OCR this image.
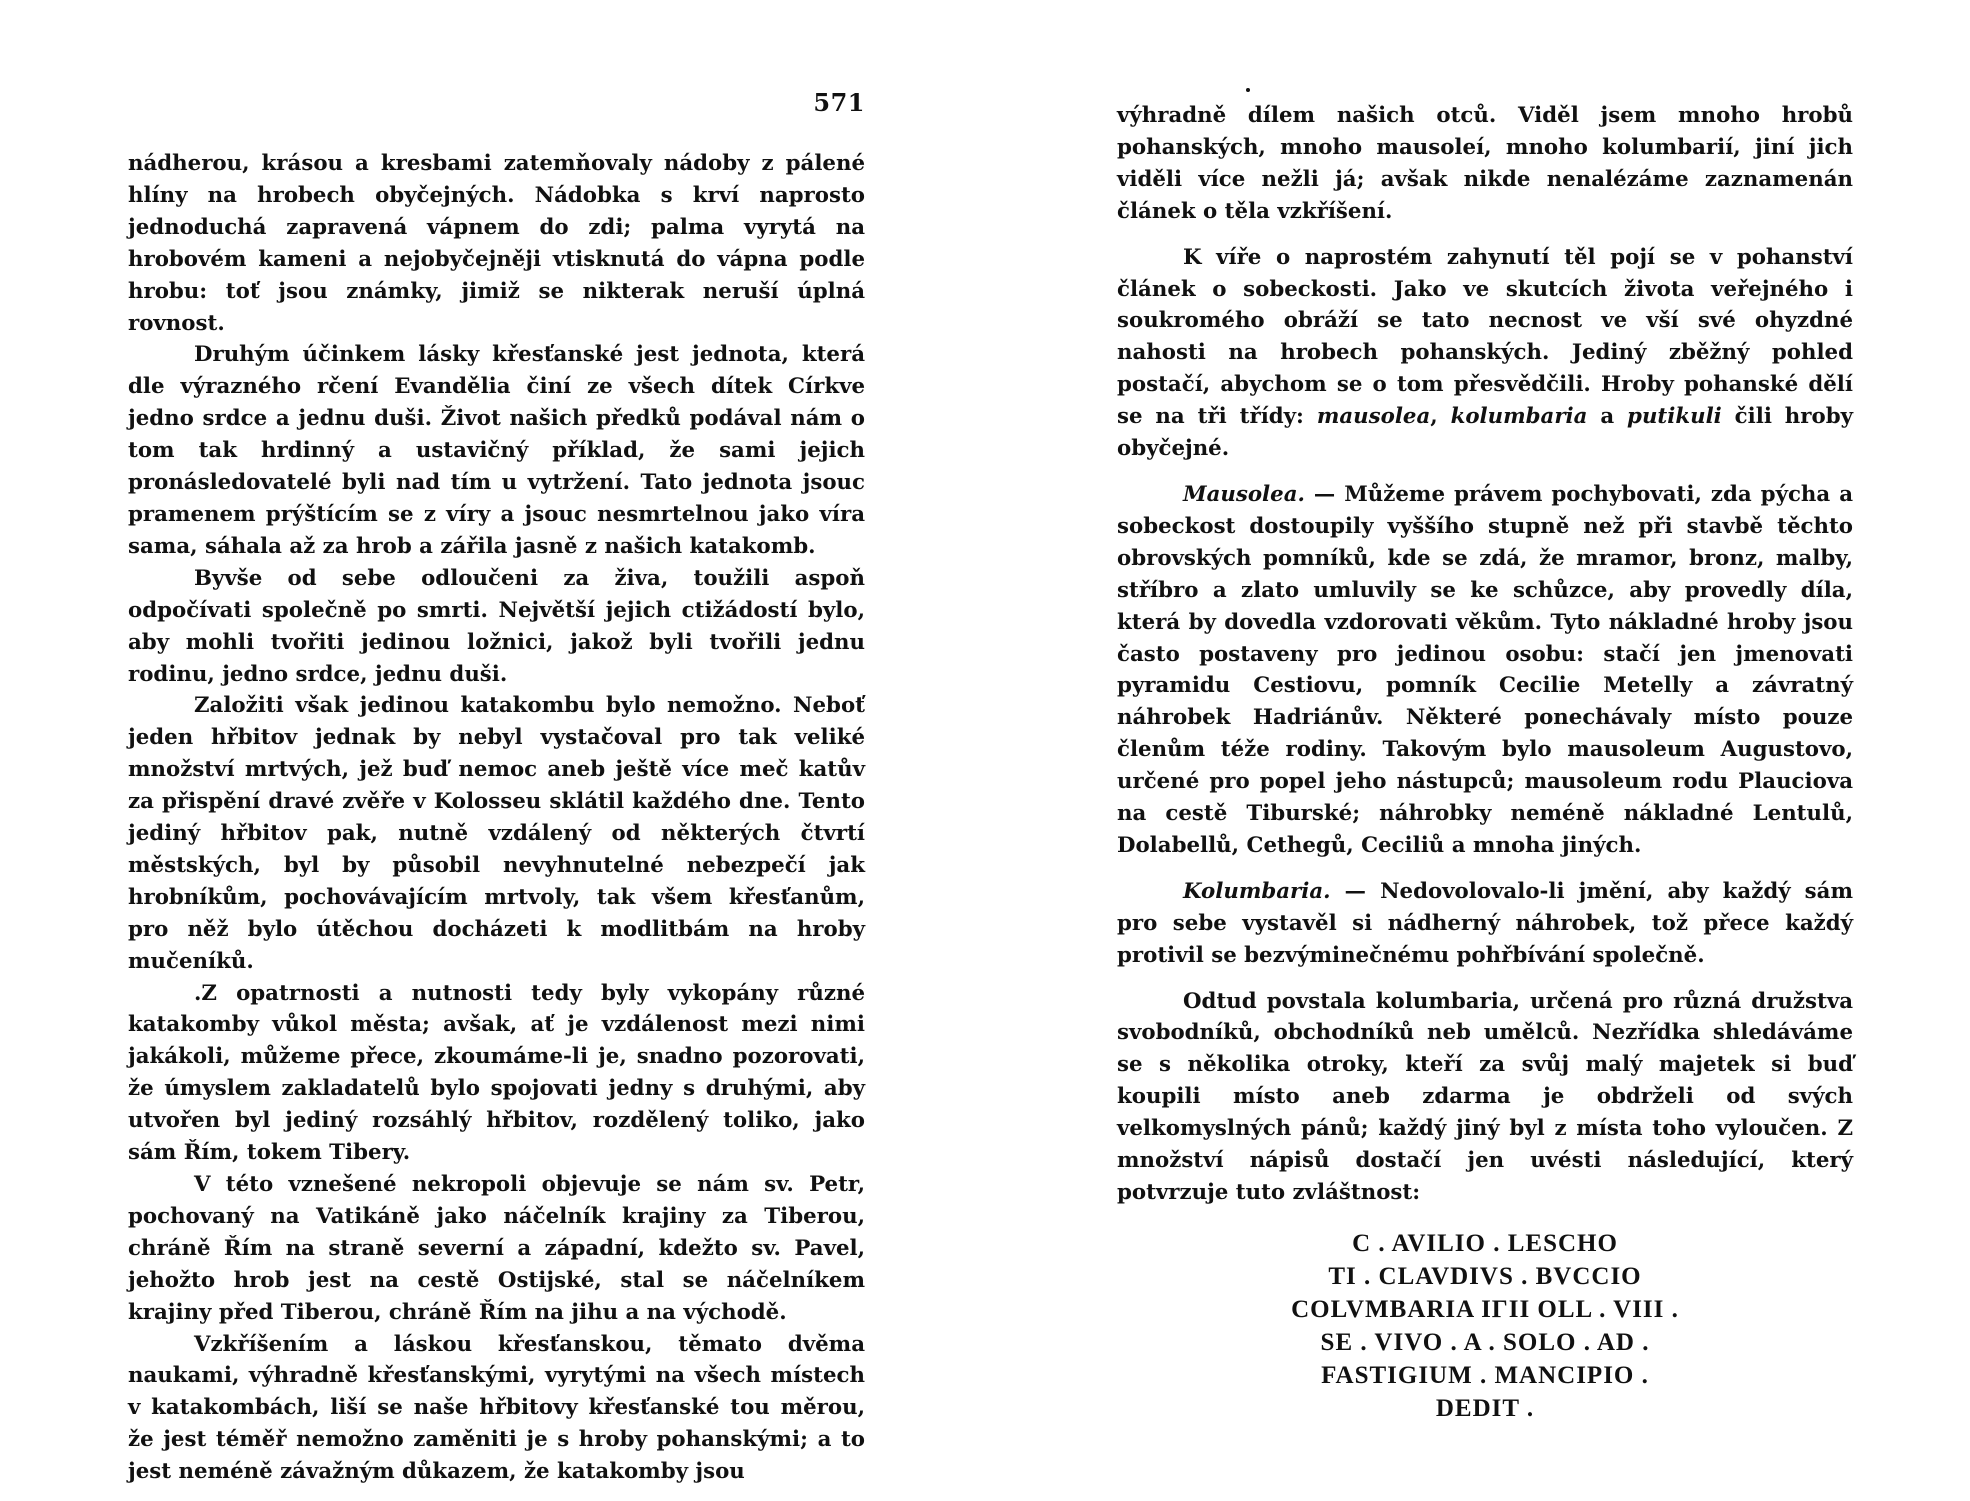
571

nádherou, krásou a kresbami zatemňovaly nádoby z pálené hlíny na hrobech obyčejných. Nádobka s krví naprosto jednoduchá zapravená vápnem do zdi; palma vyrytá na hrobovém kameni a nejobyčejněji vtisknutá do vápna podle hrobu: toť jsou známky, jimiž se nikterak neruší úplná rovnost.

Druhým účinkem lásky křesťanské jest jednota, která dle výrazného rčení Evandělia činí ze všech dítek Církve jedno srdce a jednu duši. Život našich předků podával nám o tom tak hrdinný a ustavičný příklad, že sami jejich pronásledovatelé byli nad tím u vytržení. Tato jednota jsouc pramenem prýštícím se z víry a jsouc nesmrtelnou jako víra sama, sáhala až za hrob a zářila jasně z našich katakomb.

Byvše od sebe odloučeni za živa, toužili aspoň odpočívati společně po smrti. Největší jejich ctižádostí bylo, aby mohli tvořiti jedinou ložnici, jakož byli tvořili jednu rodinu, jedno srdce, jednu duši.

Založiti však jedinou katakombu bylo nemožno. Neboť jeden hřbitov jednak by nebyl vystačoval pro tak veliké množství mrtvých, jež buď nemoc aneb ještě více meč katův za přispění dravé zvěře v Kolosseu sklátil každého dne. Tento jediný hřbitov pak, nutně vzdálený od některých čtvrtí městských, byl by působil nevyhnutelné nebezpečí jak hrobníkům, pochovávajícím mrtvoly, tak všem křesťanům, pro něž bylo útěchou docházeti k modlitbám na hroby mučeníků.

.Z opatrnosti a nutnosti tedy byly vykopány různé katakomby vůkol města; avšak, ať je vzdálenost mezi nimi jakákoli, můžeme přece, zkoumáme-li je, snadno pozorovati, že úmyslem zakladatelů bylo spojovati jedny s druhými, aby utvořen byl jediný rozsáhlý hřbitov, rozdělený toliko, jako sám Řím, tokem Tibery.

V této vznešené nekropoli objevuje se nám sv. Petr, pochovaný na Vatikáně jako náčelník krajiny za Tiberou, chráně Řím na straně severní a západní, kdežto sv. Pavel, jehožto hrob jest na cestě Ostijské, stal se náčelníkem krajiny před Tiberou, chráně Řím na jihu a na východě.

Vzkříšením a láskou křesťanskou, těmato dvěma naukami, výhradně křesťanskými, vyrytými na všech místech v katakombách, liší se naše hřbitovy křesťanské tou měrou, že jest téměř nemožno zaměniti je s hroby pohanskými; a to jest neméně závažným důkazem, že katakomby jsou

výhradně dílem našich otců. Viděl jsem mnoho hrobů pohanských, mnoho mausoleí, mnoho kolumbarií, jiní jich viděli více nežli já; avšak nikde nenalézáme zaznamenán článek o těla vzkříšení.

K víře o naprostém zahynutí těl pojí se v pohanství článek o sobeckosti. Jako ve skutcích života veřejného i soukromého obráží se tato necnost ve vší své ohyzdné nahosti na hrobech pohanských. Jediný zběžný pohled postačí, abychom se o tom přesvědčili. Hroby pohanské dělí se na tři třídy: mausolea, kolumbaria a putikuli čili hroby obyčejné.

Mausolea. — Můžeme právem pochybovati, zda pýcha a sobeckost dostoupily vyššího stupně než při stavbě těchto obrovských pomníků, kde se zdá, že mramor, bronz, malby, stříbro a zlato umluvily se ke schůzce, aby provedly díla, která by dovedla vzdorovati věkům. Tyto nákladné hroby jsou často postaveny pro jedinou osobu: stačí jen jmenovati pyramidu Cestiovu, pomník Cecilie Metelly a závratný náhrobek Hadriánův. Některé ponechávaly místo pouze členům téže rodiny. Takovým bylo mausoleum Augustovo, určené pro popel jeho nástupců; mausoleum rodu Plauciova na cestě Tiburské; náhrobky neméně nákladné Lentulů, Dolabellů, Cethegů, Ceciliů a mnoha jiných.

Kolumbaria. — Nedovolovalo-li jmění, aby každý sám pro sebe vystavěl si nádherný náhrobek, tož přece každý protivil se bezvýminečnému pohřbívání společně.

Odtud povstala kolumbaria, určená pro různá družstva svobodníků, obchodníků neb umělců. Nezřídka shledáváme se s několika otroky, kteří za svůj malý majetek si buď koupili místo aneb zdarma je obdrželi od svých velkomyslných pánů; každý jiný byl z místa toho vyloučen. Z množství nápisů dostačí jen uvésti následující, který potvrzuje tuto zvláštnost:

C . AVILIO . LESCHO
TI . CLAVDIVS . BVCCIO
COLVMBARIA IΓII OLL . VIII .
SE . VIVO . A . SOLO . AD .
FASTIGIUM . MANCIPIO .
DEDIT .
